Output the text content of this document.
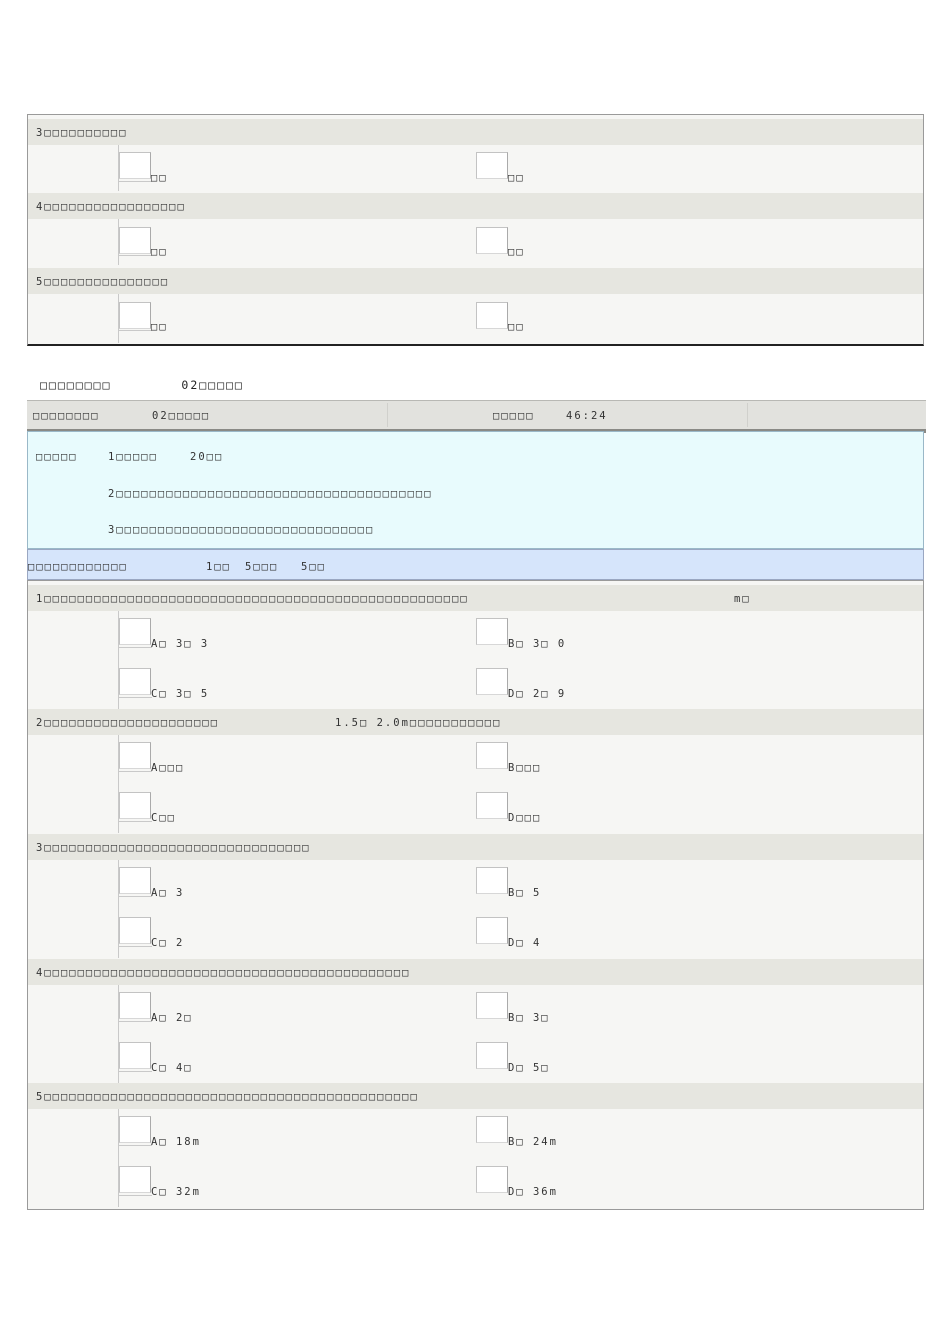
3□□□□□□□□□□
□□	□□
4□□□□□□□□□□□□□□□□□
□□	□□
5□□□□□□□□□□□□□□□
□□	□□
□□□□□□□□	02□□□□□
□□□□□□□□	02□□□□□	□□□□□	46:24
□□□□□	1□□□□□	20□□
2□□□□□□□□□□□□□□□□□□□□□□□□□□□□□□□□□□□□□□
3□□□□□□□□□□□□□□□□□□□□□□□□□□□□□□□
□□□□□□□□□□□□	1□□ 5□□□ 5□□
1□□□□□□□□□□□□□□□□□□□□□□□□□□□□□□□□□□□□□□□□□□□□□□□□□□□	m□
A□ 3□ 3	B□ 3□ 0
C□ 3□ 5	D□ 2□ 9
2□□□□□□□□□□□□□□□□□□□□□	1.5□ 2.0m□□□□□□□□□□□
A□□□	B□□□
C□□	D□□□
3□□□□□□□□□□□□□□□□□□□□□□□□□□□□□□□□
A□ 3	B□ 5
C□ 2	D□ 4
4□□□□□□□□□□□□□□□□□□□□□□□□□□□□□□□□□□□□□□□□□□□□
A□ 2□	B□ 3□
C□ 4□	D□ 5□
5□□□□□□□□□□□□□□□□□□□□□□□□□□□□□□□□□□□□□□□□□□□□□
A□ 18m	B□ 24m
C□ 32m	D□ 36m
